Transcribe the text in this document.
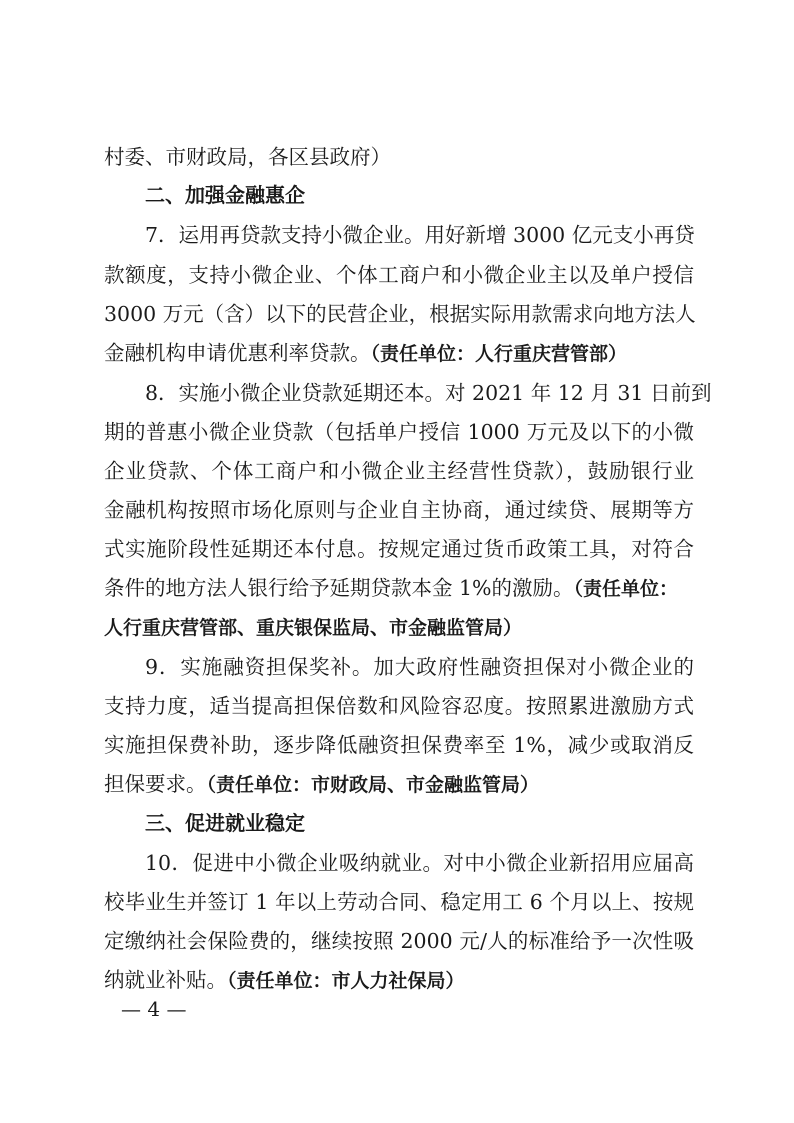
村委、市财政局，各区县政府）
二、加强金融惠企
7．运用再贷款支持小微企业。用好新增 3000 亿元支小再贷
款额度，支持小微企业、个体工商户和小微企业主以及单户授信
3000 万元（含）以下的民营企业，根据实际用款需求向地方法人
金融机构申请优惠利率贷款。（责任单位：人行重庆营管部）
8．实施小微企业贷款延期还本。对 2021 年 12 月 31 日前到
期的普惠小微企业贷款（包括单户授信 1000 万元及以下的小微
企业贷款、个体工商户和小微企业主经营性贷款），鼓励银行业
金融机构按照市场化原则与企业自主协商，通过续贷、展期等方
式实施阶段性延期还本付息。按规定通过货币政策工具，对符合
条件的地方法人银行给予延期贷款本金 1%的激励。（责任单位：
人行重庆营管部、重庆银保监局、市金融监管局）
9．实施融资担保奖补。加大政府性融资担保对小微企业的
支持力度，适当提高担保倍数和风险容忍度。按照累进激励方式
实施担保费补助，逐步降低融资担保费率至 1%，减少或取消反
担保要求。（责任单位：市财政局、市金融监管局）
三、促进就业稳定
10．促进中小微企业吸纳就业。对中小微企业新招用应届高
校毕业生并签订 1 年以上劳动合同、稳定用工 6 个月以上、按规
定缴纳社会保险费的，继续按照 2000 元/人的标准给予一次性吸
纳就业补贴。（责任单位：市人力社保局）
— 4 —
